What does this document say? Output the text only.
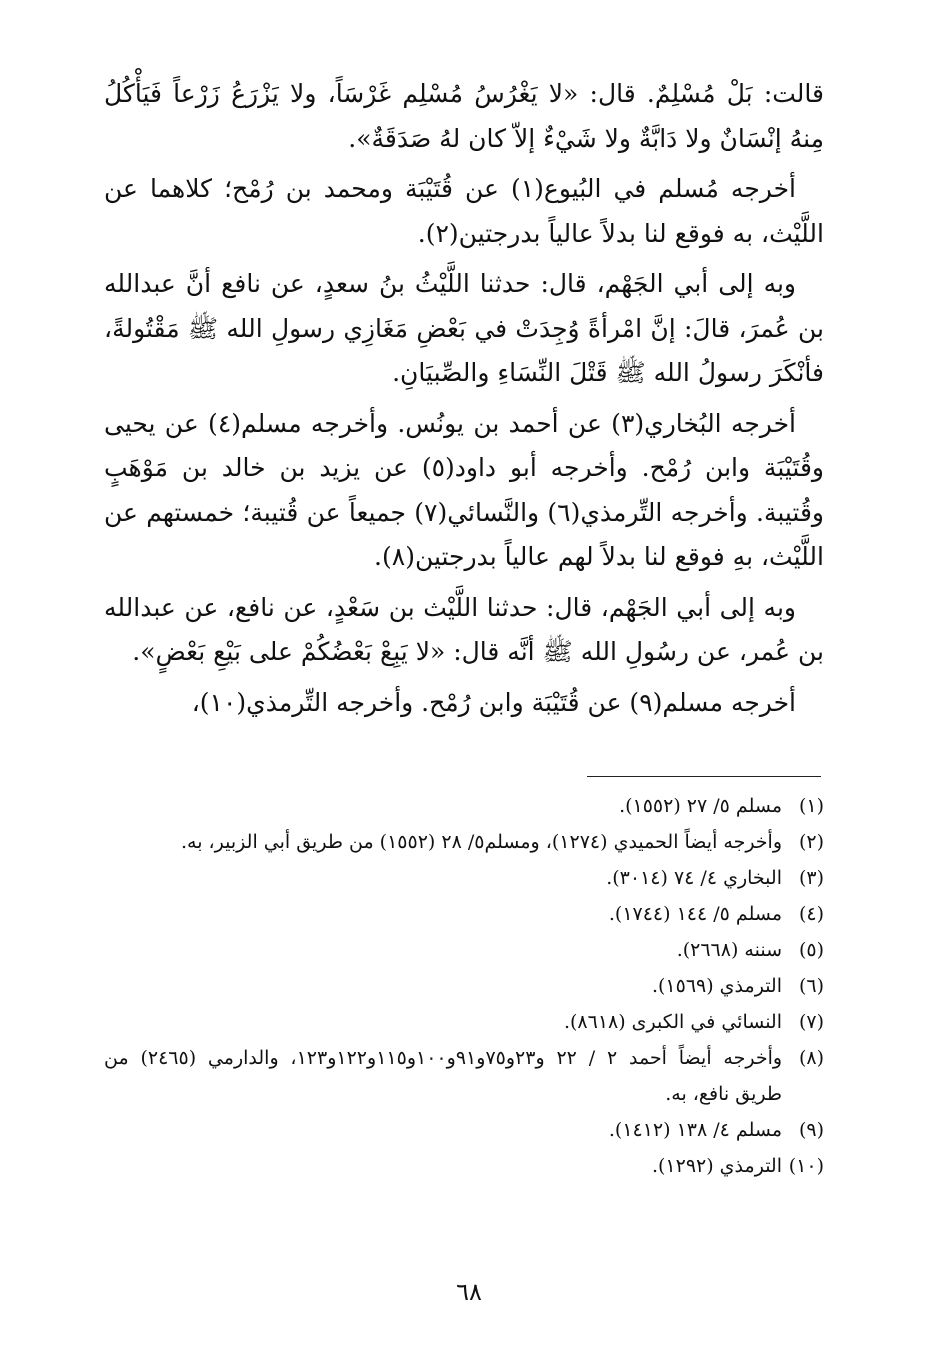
قالت: بَلْ مُسْلِمٌ. قال: «لا يَغْرُسُ مُسْلِم غَرْسَاً، ولا يَزْرَعُ زَرْعاً فَيَأْكُلُ مِنهُ إنْسَانٌ ولا دَابَّةٌ ولا شَيْءٌ إلاّ كان لهُ صَدَقَةٌ».

أخرجه مُسلم في البُيوع(١) عن قُتَيْبَة ومحمد بن رُمْح؛ كلاهما عن اللَّيْث، به فوقع لنا بدلاً عالياً بدرجتين(٢).

وبه إلى أبي الجَهْم، قال: حدثنا اللَّيْثُ بنُ سعدٍ، عن نافع أنَّ عبدالله بن عُمرَ، قالَ: إنَّ امْرأةً وُجِدَتْ في بَعْضِ مَغَازِي رسولِ الله ﷺ مَقْتُولةً، فأنْكَرَ رسولُ الله ﷺ قَتْلَ النِّسَاءِ والصِّبيَانِ.

أخرجه البُخاري(٣) عن أحمد بن يونُس. وأخرجه مسلم(٤) عن يحيى وقُتَيْبَة وابن رُمْح. وأخرجه أبو داود(٥) عن يزيد بن خالد بن مَوْهَبٍ وقُتيبة. وأخرجه التِّرمذي(٦) والنَّسائي(٧) جميعاً عن قُتيبة؛ خمستهم عن اللَّيْث، بهِ فوقع لنا بدلاً لهم عالياً بدرجتين(٨).

وبه إلى أبي الجَهْم، قال: حدثنا اللَّيْث بن سَعْدٍ، عن نافع، عن عبدالله بن عُمر، عن رسُولِ الله ﷺ أنَّه قال: «لا يَبِعْ بَعْضُكُمْ على بَيْعِ بَعْضٍ».

أخرجه مسلم(٩) عن قُتَيْبَة وابن رُمْح. وأخرجه التِّرمذي(١٠)،

(١)
مسلم ٥/ ٢٧ (١٥٥٢).
(٢)
وأخرجه أيضاً الحميدي (١٢٧٤)، ومسلم٥/ ٢٨ (١٥٥٢) من طريق أبي الزبير، به.
(٣)
البخاري ٤/ ٧٤ (٣٠١٤).
(٤)
مسلم ٥/ ١٤٤ (١٧٤٤).
(٥)
سننه (٢٦٦٨).
(٦)
الترمذي (١٥٦٩).
(٧)
النسائي في الكبرى (٨٦١٨).
(٨)
وأخرجه أيضاً أحمد ٢ / ٢٢ و٢٣و٧٥و٩١و١٠٠و١١٥و١٢٢و١٢٣، والدارمي (٢٤٦٥) من طريق نافع، به.
(٩)
مسلم ٤/ ١٣٨ (١٤١٢).
(١٠)
الترمذي (١٢٩٢).
٦٨
